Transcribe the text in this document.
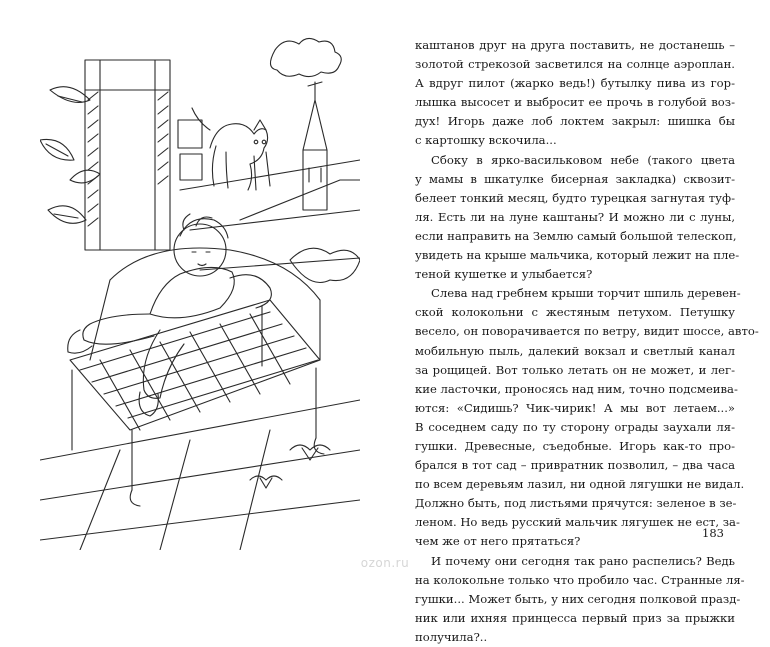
каштанов друг на друга поставить, не достанешь –
золотой стрекозой засветился на солнце аэроплан.
А вдруг пилот (жарко ведь!) бутылку пива из гор-
лышка высосет и выбросит ее прочь в голубой воз-
дух! Игорь даже лоб локтем закрыл: шишка бы
с картошку вскочила...
Сбоку в ярко-васильковом небе (такого цвета
у мамы в шкатулке бисерная закладка) сквозит-
белеет тонкий месяц, будто турецкая загнутая туф-
ля. Есть ли на луне каштаны? И можно ли с луны,
если направить на Землю самый большой телескоп,
увидеть на крыше мальчика, который лежит на пле-
теной кушетке и улыбается?
Слева над гребнем крыши торчит шпиль деревен-
ской колокольни с жестяным петухом. Петушку
весело, он поворачивается по ветру, видит шоссе, авто-
мобильную пыль, далекий вокзал и светлый канал
за рощицей. Вот только летать он не может, и лег-
кие ласточки, проносясь над ним, точно подсмеива-
ются: «Сидишь? Чик-чирик! А мы вот летаем...»
В соседнем саду по ту сторону ограды заухали ля-
гушки. Древесные, съедобные. Игорь как-то про-
брался в тот сад – привратник позволил, – два часа
по всем деревьям лазил, ни одной лягушки не видал.
Должно быть, под листьями прячутся: зеленое в зе-
леном. Но ведь русский мальчик лягушек не ест, за-
чем же от него прятаться?
И почему они сегодня так рано распелись? Ведь
на колокольне только что пробило час. Странные ля-
гушки... Может быть, у них сегодня полковой празд-
ник или ихняя принцесса первый приз за прыжки
получила?..
183
ozon.ru
